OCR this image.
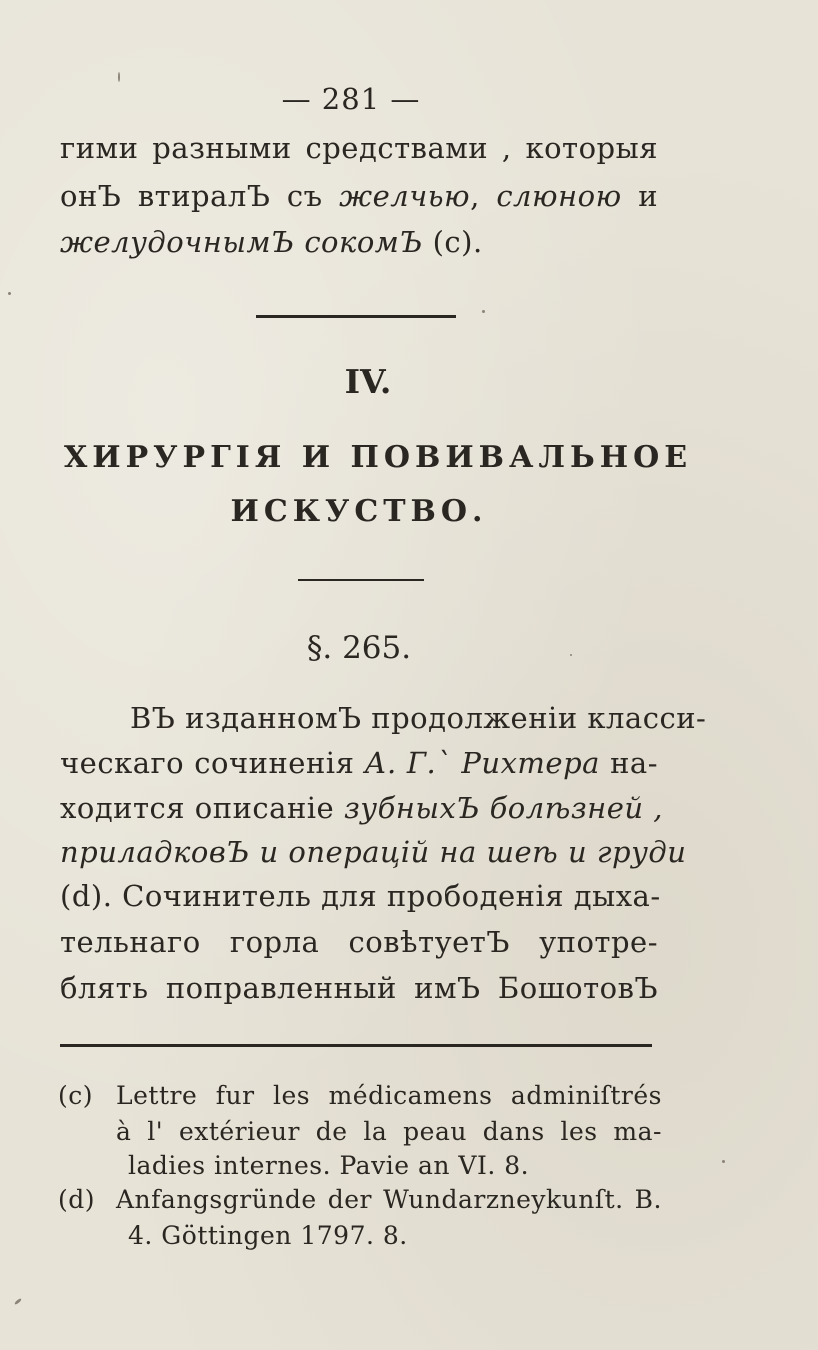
— 281 —
гими разными средствами , которыя
онЪ втиралЪ съ желчью, слюною и
желудочнымЪ сокомЪ (c).
IV.
ХИРУРГІЯ И ПОВИВАЛЬНОЕ
ИСКУСТВО.
§. 265.
ВЪ изданномЪ продолженіи класси-
ческаго сочиненія А. Г.` Рихтера на-
ходится описаніе зубныхЪ болѣзней ,
приладковЪ и операцій на шеѣ и груди
(d). Сочинитель для прободенія дыха-
тельнаго горла совѣтуетЪ употре-
блять поправленный имЪ БошотовЪ
(c) Lettre fur les médicamens adminiſtrés
à l' extérieur de la peau dans les ma-
ladies internes. Pavie an VI. 8.
(d) Anfangsgründe der Wundarzneykunſt. B.
4. Göttingen 1797. 8.
